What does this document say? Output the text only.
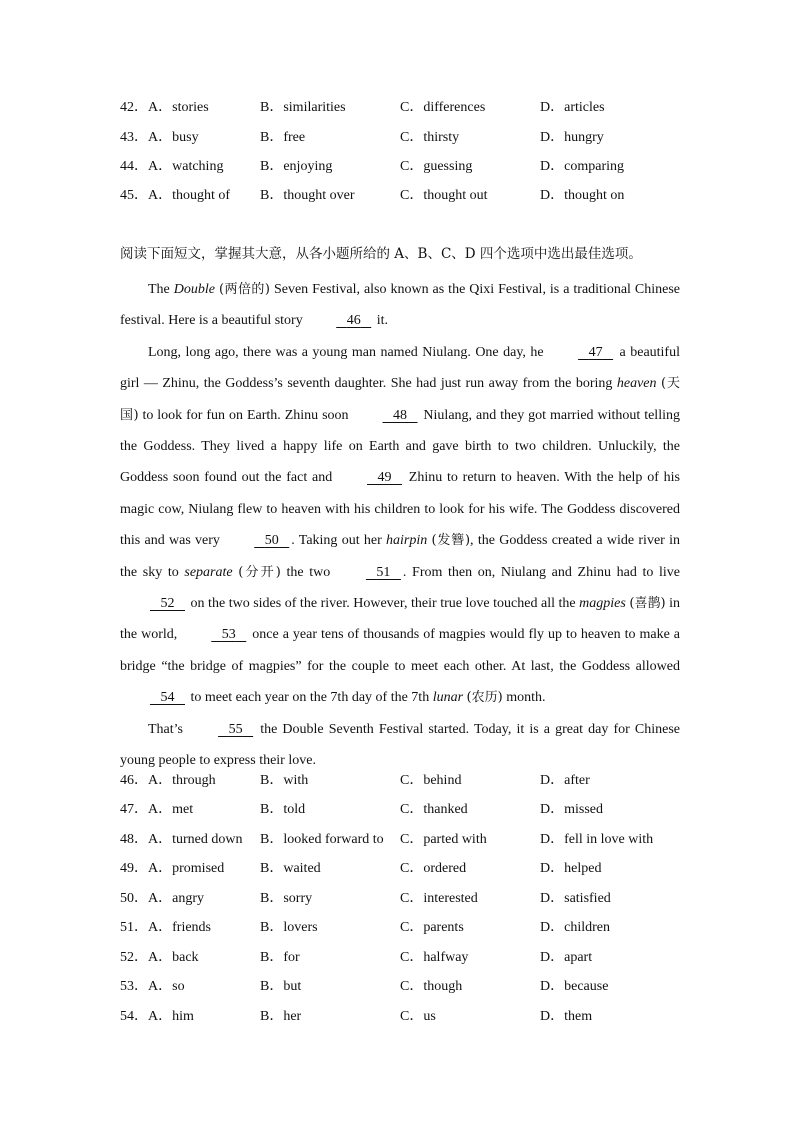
42．A．stories	B．similarities	C．differences	D．articles
43．A．busy	B．free	C．thirsty	D．hungry
44．A．watching	B．enjoying	C．guessing	D．comparing
45．A．thought of B．thought over	C．thought out	D．thought on
阅读下面短文，掌握其大意，从各小题所给的 A、B、C、D 四个选项中选出最佳选项。

The Double (两倍的) Seven Festival, also known as the Qixi Festival, is a traditional Chinese festival. Here is a beautiful story	46    it.

Long, long ago, there was a young man named Niulang. One day, he	47    a beautiful girl — Zhinu, the Goddess’s seventh daughter. She had just run away from the boring heaven (天国) to look for fun on Earth. Zhinu soon	48    Niulang, and they got married without telling the Goddess. They lived a happy life on Earth and gave birth to two children. Unluckily, the Goddess soon found out the fact and	49    Zhinu to return to heaven. With the help of his magic cow, Niulang flew to heaven with his children to look for his wife. The Goddess discovered this and was very	50 . Taking out her hairpin (发簪), the Goddess created a wide river in the sky to separate (分开) the two	51 . From then on, Niulang and Zhinu had to live    52    on the two sides of the river. However, their true love touched all the magpies (喜鹊) in the world,	53    once a year tens of thousands of magpies would fly up to heaven to make a bridge “the bridge of magpies” for the couple to meet each other. At last, the Goddess allowed    54    to meet each year on the 7th day of the 7th lunar (农历) month.

That’s	55    the Double Seventh Festival started. Today, it is a great day for Chinese young people to express their love.

46．A．through	B．with	C．behind	D．after
47．A．met	B．told	C．thanked	D．missed
48．A．turned down B．looked forward to C．parted with	D．fell in love with
49．A．promised	B．waited	C．ordered	D．helped
50．A．angry	B．sorry	C．interested	D．satisfied
51．A．friends	B．lovers	C．parents	D．children
52．A．back	B．for	C．halfway	D．apart
53．A．so	B．but	C．though	D．because
54．A．him	B．her	C．us	D．them
